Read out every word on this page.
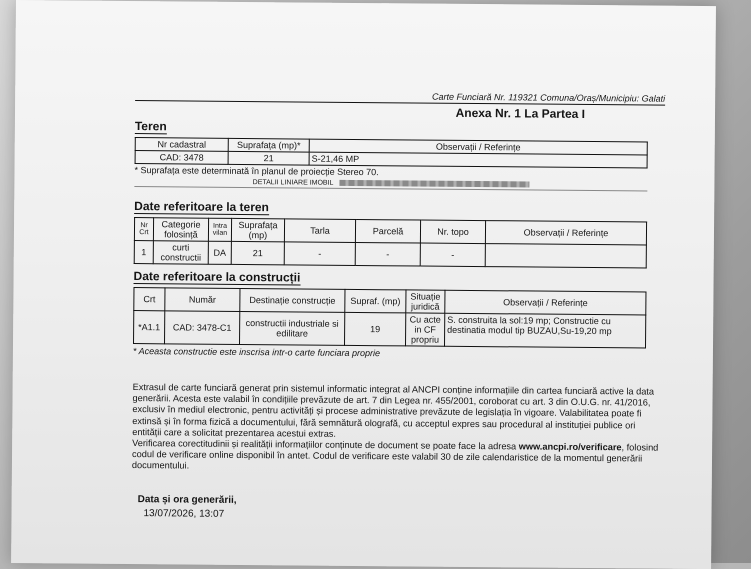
Carte Funciară Nr. 119321 Comuna/Oraș/Municipiu: Galati
Anexa Nr. 1 La Partea I
Teren
Nr cadastral	Suprafața (mp)*	Observații / Referințe
CAD: 3478	21	S-21,46 MP
* Suprafața este determinată în planul de proiecție Stereo 70.
DETALII LINIARE IMOBIL
Date referitoare la teren
Nr Crt	Categorie folosință	Intra vilan	Suprafața (mp)	Tarla	Parcelă	Nr. topo	Observații / Referințe
1	curti constructii	DA	21	-	-	-	
Date referitoare la construcții
Crt	Număr	Destinație construcție	Supraf. (mp)	Situație juridică	Observații / Referințe
*A1.1	CAD: 3478-C1	constructii industriale si edilitare	19	Cu acte in CF propriu	S. construita la sol:19 mp; Constructie cu destinatia modul tip BUZAU,Su-19,20 mp
* Aceasta constructie este inscrisa intr-o carte funciara proprie
Extrasul de carte funciară generat prin sistemul informatic integrat al ANCPI conține informațiile din cartea funciară active la data generării. Acesta este valabil în condițiile prevăzute de art. 7 din Legea nr. 455/2001, coroborat cu art. 3 din O.U.G. nr. 41/2016, exclusiv în mediul electronic, pentru activități și procese administrative prevăzute de legislația în vigoare. Valabilitatea poate fi extinsă și în forma fizică a documentului, fără semnătură olografă, cu acceptul expres sau procedural al instituției publice ori entității care a solicitat prezentarea acestui extras.
Verificarea corectitudinii și realității informațiilor conținute de document se poate face la adresa www.ancpi.ro/verificare, folosind codul de verificare online disponibil în antet. Codul de verificare este valabil 30 de zile calendaristice de la momentul generării documentului.
Data și ora generării,
13/07/2026, 13:07
